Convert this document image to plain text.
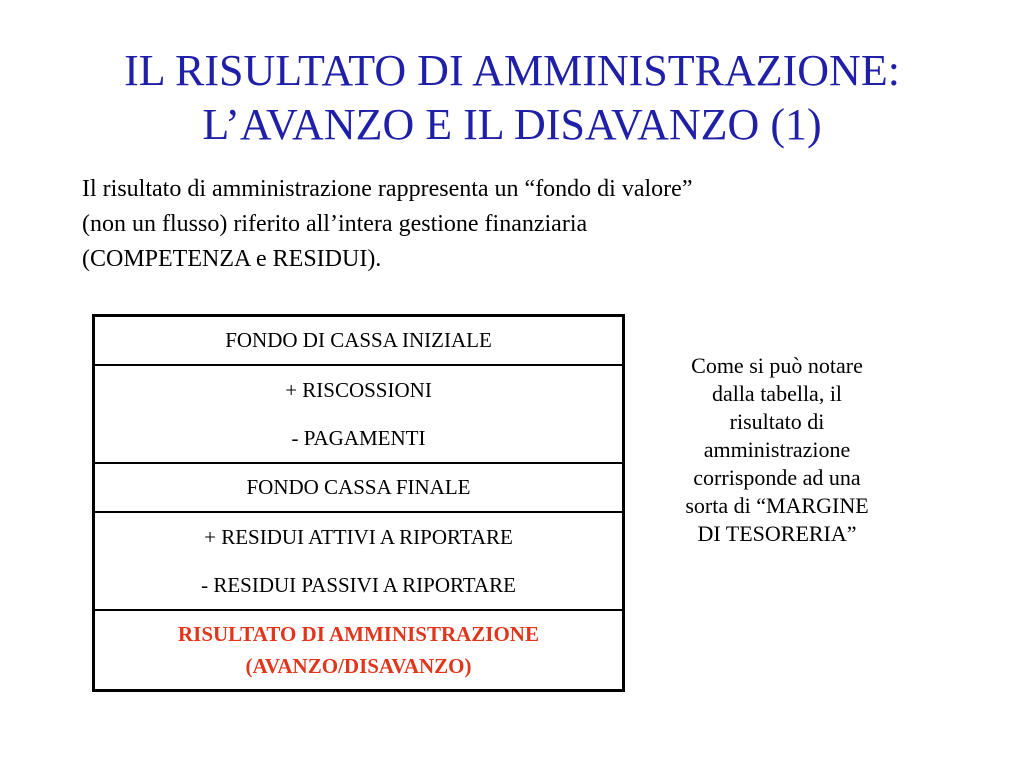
IL RISULTATO DI AMMINISTRAZIONE:
L’AVANZO E IL DISAVANZO (1)
Il risultato di amministrazione rappresenta un “fondo di valore”
(non un flusso) riferito all’intera gestione finanziaria
(COMPETENZA e RESIDUI).
FONDO DI CASSA INIZIALE

+ RISCOSSIONI
- PAGAMENTI

FONDO CASSA FINALE

+ RESIDUI ATTIVI A RIPORTARE
- RESIDUI PASSIVI A RIPORTARE

RISULTATO DI AMMINISTRAZIONE
(AVANZO/DISAVANZO)
Come si può notare
dalla tabella, il
risultato di
amministrazione
corrisponde ad una
sorta di “MARGINE
DI TESORERIA”
